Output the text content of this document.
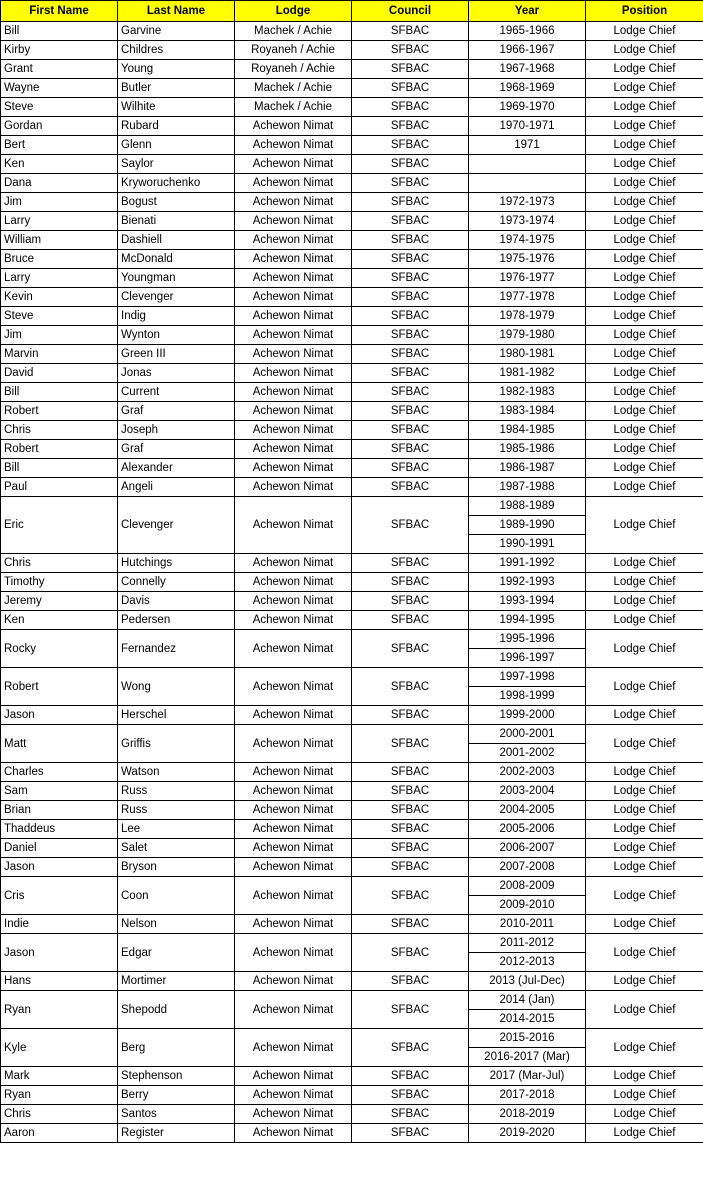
First Name	Last Name	Lodge	Council	Year	Position
Bill	Garvine	Machek / Achie	SFBAC	1965-1966	Lodge Chief
Kirby	Childres	Royaneh / Achie	SFBAC	1966-1967	Lodge Chief
Grant	Young	Royaneh / Achie	SFBAC	1967-1968	Lodge Chief
Wayne	Butler	Machek / Achie	SFBAC	1968-1969	Lodge Chief
Steve	Wilhite	Machek / Achie	SFBAC	1969-1970	Lodge Chief
Gordan	Rubard	Achewon Nimat	SFBAC	1970-1971	Lodge Chief
Bert	Glenn	Achewon Nimat	SFBAC	1971	Lodge Chief
Ken	Saylor	Achewon Nimat	SFBAC		Lodge Chief
Dana	Kryworuchenko	Achewon Nimat	SFBAC		Lodge Chief
Jim	Bogust	Achewon Nimat	SFBAC	1972-1973	Lodge Chief
Larry	Bienati	Achewon Nimat	SFBAC	1973-1974	Lodge Chief
William	Dashiell	Achewon Nimat	SFBAC	1974-1975	Lodge Chief
Bruce	McDonald	Achewon Nimat	SFBAC	1975-1976	Lodge Chief
Larry	Youngman	Achewon Nimat	SFBAC	1976-1977	Lodge Chief
Kevin	Clevenger	Achewon Nimat	SFBAC	1977-1978	Lodge Chief
Steve	Indig	Achewon Nimat	SFBAC	1978-1979	Lodge Chief
Jim	Wynton	Achewon Nimat	SFBAC	1979-1980	Lodge Chief
Marvin	Green III	Achewon Nimat	SFBAC	1980-1981	Lodge Chief
David	Jonas	Achewon Nimat	SFBAC	1981-1982	Lodge Chief
Bill	Current	Achewon Nimat	SFBAC	1982-1983	Lodge Chief
Robert	Graf	Achewon Nimat	SFBAC	1983-1984	Lodge Chief
Chris	Joseph	Achewon Nimat	SFBAC	1984-1985	Lodge Chief
Robert	Graf	Achewon Nimat	SFBAC	1985-1986	Lodge Chief
Bill	Alexander	Achewon Nimat	SFBAC	1986-1987	Lodge Chief
Paul	Angeli	Achewon Nimat	SFBAC	1987-1988	Lodge Chief
Eric	Clevenger	Achewon Nimat	SFBAC	1988-1989	Lodge Chief
				1989-1990	
				1990-1991	
Chris	Hutchings	Achewon Nimat	SFBAC	1991-1992	Lodge Chief
Timothy	Connelly	Achewon Nimat	SFBAC	1992-1993	Lodge Chief
Jeremy	Davis	Achewon Nimat	SFBAC	1993-1994	Lodge Chief
Ken	Pedersen	Achewon Nimat	SFBAC	1994-1995	Lodge Chief
Rocky	Fernandez	Achewon Nimat	SFBAC	1995-1996	Lodge Chief
				1996-1997	
Robert	Wong	Achewon Nimat	SFBAC	1997-1998	Lodge Chief
				1998-1999	
Jason	Herschel	Achewon Nimat	SFBAC	1999-2000	Lodge Chief
Matt	Griffis	Achewon Nimat	SFBAC	2000-2001	Lodge Chief
				2001-2002	
Charles	Watson	Achewon Nimat	SFBAC	2002-2003	Lodge Chief
Sam	Russ	Achewon Nimat	SFBAC	2003-2004	Lodge Chief
Brian	Russ	Achewon Nimat	SFBAC	2004-2005	Lodge Chief
Thaddeus	Lee	Achewon Nimat	SFBAC	2005-2006	Lodge Chief
Daniel	Salet	Achewon Nimat	SFBAC	2006-2007	Lodge Chief
Jason	Bryson	Achewon Nimat	SFBAC	2007-2008	Lodge Chief
Cris	Coon	Achewon Nimat	SFBAC	2008-2009	Lodge Chief
				2009-2010	
Indie	Nelson	Achewon Nimat	SFBAC	2010-2011	Lodge Chief
Jason	Edgar	Achewon Nimat	SFBAC	2011-2012	Lodge Chief
				2012-2013	
Hans	Mortimer	Achewon Nimat	SFBAC	2013 (Jul-Dec)	Lodge Chief
Ryan	Shepodd	Achewon Nimat	SFBAC	2014 (Jan)	Lodge Chief
				2014-2015	
Kyle	Berg	Achewon Nimat	SFBAC	2015-2016	Lodge Chief
				2016-2017 (Mar)	
Mark	Stephenson	Achewon Nimat	SFBAC	2017 (Mar-Jul)	Lodge Chief
Ryan	Berry	Achewon Nimat	SFBAC	2017-2018	Lodge Chief
Chris	Santos	Achewon Nimat	SFBAC	2018-2019	Lodge Chief
Aaron	Register	Achewon Nimat	SFBAC	2019-2020	Lodge Chief
